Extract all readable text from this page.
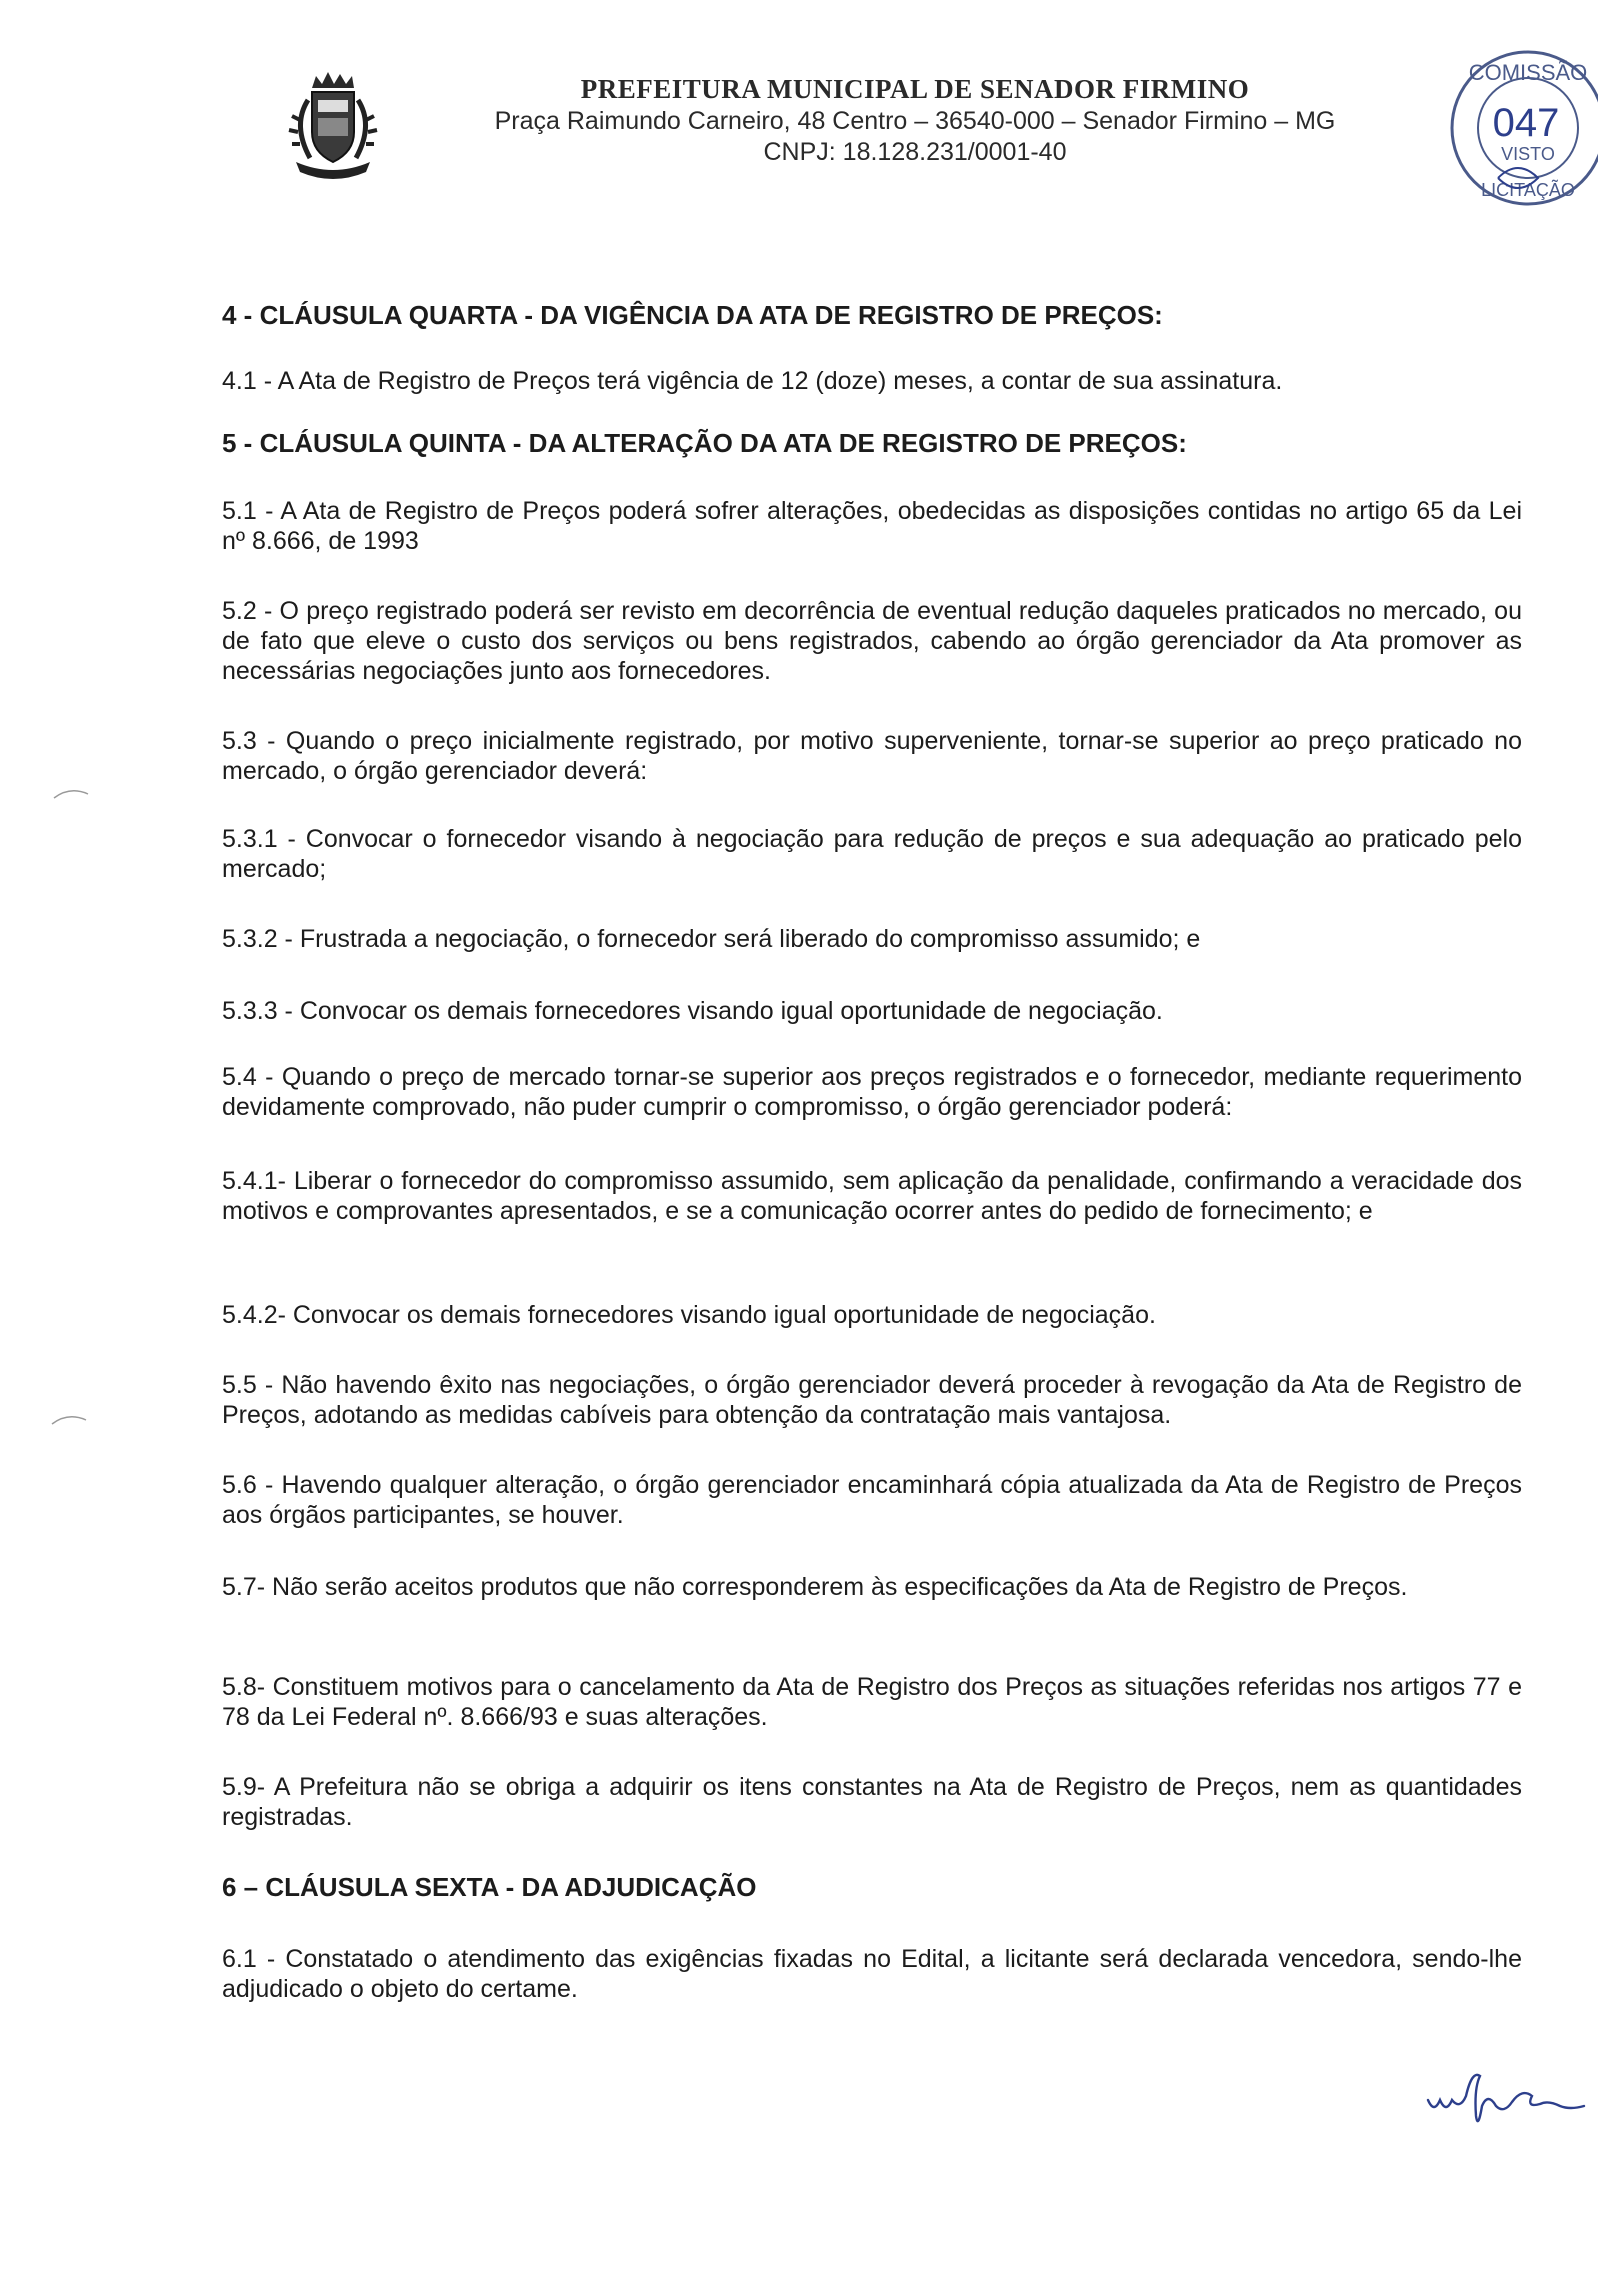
PREFEITURA MUNICIPAL DE SENADOR FIRMINO
Praça Raimundo Carneiro, 48 Centro – 36540-000 – Senador Firmino – MG
CNPJ: 18.128.231/0001-40
COMISSÃO
047
VISTO
LICITAÇÃO
4 - CLÁUSULA QUARTA - DA VIGÊNCIA DA ATA DE REGISTRO DE PREÇOS:
4.1 - A Ata de Registro de Preços terá vigência de 12 (doze) meses, a contar de sua assinatura.
5 - CLÁUSULA QUINTA - DA ALTERAÇÃO DA ATA DE REGISTRO DE PREÇOS:
5.1 - A Ata de Registro de Preços poderá sofrer alterações, obedecidas as disposições contidas no artigo 65 da Lei nº 8.666, de 1993
5.2 - O preço registrado poderá ser revisto em decorrência de eventual redução daqueles praticados no mercado, ou de fato que eleve o custo dos serviços ou bens registrados, cabendo ao órgão gerenciador da Ata promover as necessárias negociações junto aos fornecedores.
5.3 - Quando o preço inicialmente registrado, por motivo superveniente, tornar-se superior ao preço praticado no mercado, o órgão gerenciador deverá:
5.3.1 - Convocar o fornecedor visando à negociação para redução de preços e sua adequação ao praticado pelo mercado;
5.3.2 - Frustrada a negociação, o fornecedor será liberado do compromisso assumido; e
5.3.3 - Convocar os demais fornecedores visando igual oportunidade de negociação.
5.4 - Quando o preço de mercado tornar-se superior aos preços registrados e o fornecedor, mediante requerimento devidamente comprovado, não puder cumprir o compromisso, o órgão gerenciador poderá:
5.4.1- Liberar o fornecedor do compromisso assumido, sem aplicação da penalidade, confirmando a veracidade dos motivos e comprovantes apresentados, e se a comunicação ocorrer antes do pedido de fornecimento; e
5.4.2- Convocar os demais fornecedores visando igual oportunidade de negociação.
5.5 - Não havendo êxito nas negociações, o órgão gerenciador deverá proceder à revogação da Ata de Registro de Preços, adotando as medidas cabíveis para obtenção da contratação mais vantajosa.
5.6 - Havendo qualquer alteração, o órgão gerenciador encaminhará cópia atualizada da Ata de Registro de Preços aos órgãos participantes, se houver.
5.7- Não serão aceitos produtos que não corresponderem às especificações da Ata de Registro de Preços.
5.8- Constituem motivos para o cancelamento da Ata de Registro dos Preços as situações referidas nos artigos 77 e 78 da Lei Federal nº. 8.666/93 e suas alterações.
5.9- A Prefeitura não se obriga a adquirir os itens constantes na Ata de Registro de Preços, nem as quantidades registradas.
6 – CLÁUSULA SEXTA - DA ADJUDICAÇÃO
6.1 - Constatado o atendimento das exigências fixadas no Edital, a licitante será declarada vencedora, sendo-lhe adjudicado o objeto do certame.
